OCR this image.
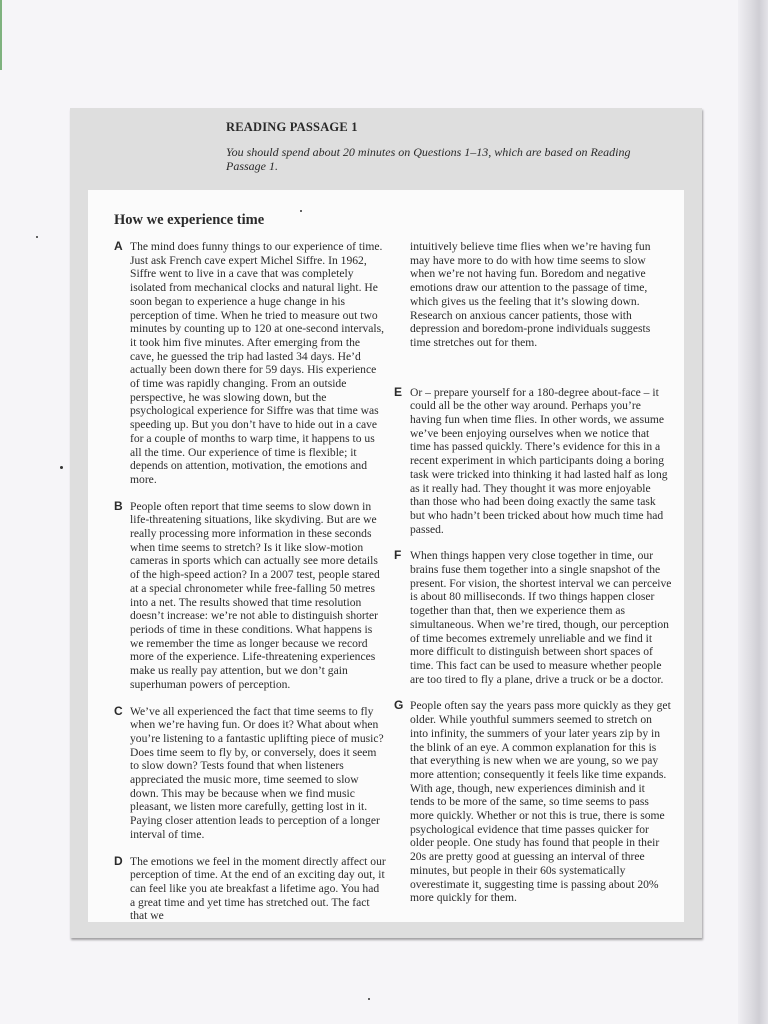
READING PASSAGE 1

You should spend about 20 minutes on Questions 1–13, which are based on Reading Passage 1.

How we experience time
A The mind does funny things to our experience of time. Just ask French cave expert Michel Siffre. In 1962, Siffre went to live in a cave that was completely isolated from mechanical clocks and natural light. He soon began to experience a huge change in his perception of time. When he tried to measure out two minutes by counting up to 120 at one-second intervals, it took him five minutes. After emerging from the cave, he guessed the trip had lasted 34 days. He’d actually been down there for 59 days. His experience of time was rapidly changing. From an outside perspective, he was slowing down, but the psychological experience for Siffre was that time was speeding up. But you don’t have to hide out in a cave for a couple of months to warp time, it happens to us all the time. Our experience of time is flexible; it depends on attention, motivation, the emotions and more.

B People often report that time seems to slow down in life-threatening situations, like skydiving. But are we really processing more information in these seconds when time seems to stretch? Is it like slow-motion cameras in sports which can actually see more details of the high-speed action? In a 2007 test, people stared at a special chronometer while free-falling 50 metres into a net. The results showed that time resolution doesn’t increase: we’re not able to distinguish shorter periods of time in these conditions. What happens is we remember the time as longer because we record more of the experience. Life-threatening experiences make us really pay attention, but we don’t gain superhuman powers of perception.

C We’ve all experienced the fact that time seems to fly when we’re having fun. Or does it? What about when you’re listening to a fantastic uplifting piece of music? Does time seem to fly by, or conversely, does it seem to slow down? Tests found that when listeners appreciated the music more, time seemed to slow down. This may be because when we find music pleasant, we listen more carefully, getting lost in it. Paying closer attention leads to perception of a longer interval of time.

D The emotions we feel in the moment directly affect our perception of time. At the end of an exciting day out, it can feel like you ate breakfast a lifetime ago. You had a great time and yet time has stretched out. The fact that we

intuitively believe time flies when we’re having fun may have more to do with how time seems to slow when we’re not having fun. Boredom and negative emotions draw our attention to the passage of time, which gives us the feeling that it’s slowing down. Research on anxious cancer patients, those with depression and boredom-prone individuals suggests time stretches out for them.

E Or – prepare yourself for a 180-degree about-face – it could all be the other way around. Perhaps you’re having fun when time flies. In other words, we assume we’ve been enjoying ourselves when we notice that time has passed quickly. There’s evidence for this in a recent experiment in which participants doing a boring task were tricked into thinking it had lasted half as long as it really had. They thought it was more enjoyable than those who had been doing exactly the same task but who hadn’t been tricked about how much time had passed.

F When things happen very close together in time, our brains fuse them together into a single snapshot of the present. For vision, the shortest interval we can perceive is about 80 milliseconds. If two things happen closer together than that, then we experience them as simultaneous. When we’re tired, though, our perception of time becomes extremely unreliable and we find it more difficult to distinguish between short spaces of time. This fact can be used to measure whether people are too tired to fly a plane, drive a truck or be a doctor.

G People often say the years pass more quickly as they get older. While youthful summers seemed to stretch on into infinity, the summers of your later years zip by in the blink of an eye. A common explanation for this is that everything is new when we are young, so we pay more attention; consequently it feels like time expands. With age, though, new experiences diminish and it tends to be more of the same, so time seems to pass more quickly. Whether or not this is true, there is some psychological evidence that time passes quicker for older people. One study has found that people in their 20s are pretty good at guessing an interval of three minutes, but people in their 60s systematically overestimate it, suggesting time is passing about 20% more quickly for them.
